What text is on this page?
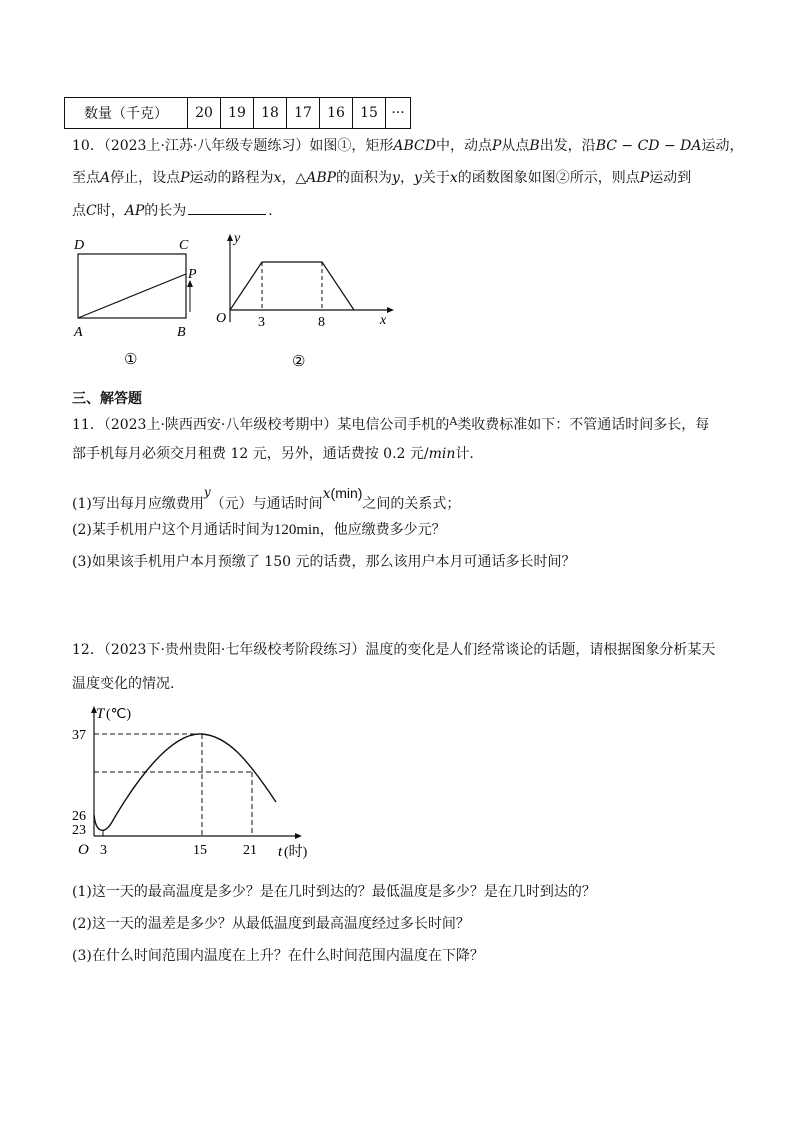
数量（千克）	20	19	18	17	16	15	···
10．（2023上·江苏·八年级专题练习）如图①，矩形ABCD中，动点P从点B出发，沿BC − CD − DA运动，
至点A停止，设点P运动的路程为x，△ABP的面积为y，y关于x的函数图象如图②所示，则点P运动到
点C时，AP的长为	.
D	C
A	B
P
①
y
x
O 3	8
②
三、解答题
11．（2023上·陕西西安·八年级校考期中）某电信公司手机的$^A$类收费标准如下：不管通话时间多长，每
部手机每月必须交月租费 12 元，另外，通话费按 0.2 元/min计.
(1)写出每月应缴费用y（元）与通话时间x(min)之间的关系式；
(2)某手机用户这个月通话时间为120min，他应缴费多少元？
(3)如果该手机用户本月预缴了 150 元的话费，那么该用户本月可通话多长时间？
12．（2023下·贵州贵阳·七年级校考阶段练习）温度的变化是人们经常谈论的话题，请根据图象分析某天
温度变化的情况.
T (℃)
37
26
23
O 3	15	21 t (时)
(1)这一天的最高温度是多少？是在几时到达的？最低温度是多少？是在几时到达的？
(2)这一天的温差是多少？从最低温度到最高温度经过多长时间？
(3)在什么时间范围内温度在上升？在什么时间范围内温度在下降？
